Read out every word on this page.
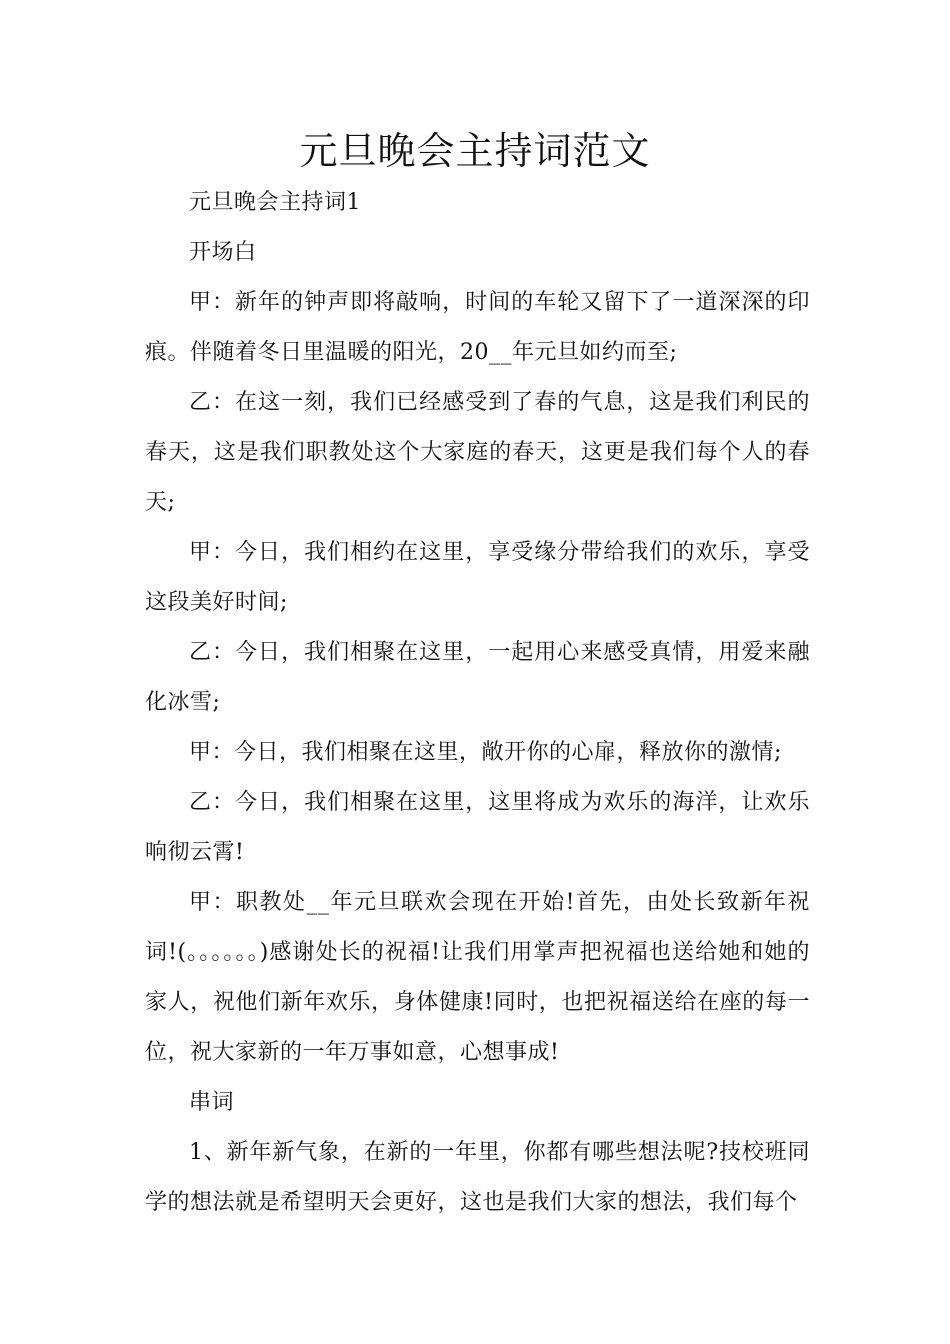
元旦晚会主持词范文

元旦晚会主持词1

开场白

甲：新年的钟声即将敲响，时间的车轮又留下了一道深深的印痕。伴随着冬日里温暖的阳光，20__年元旦如约而至;

乙：在这一刻，我们已经感受到了春的气息，这是我们利民的春天，这是我们职教处这个大家庭的春天，这更是我们每个人的春天;

甲：今日，我们相约在这里，享受缘分带给我们的欢乐，享受这段美好时间;

乙：今日，我们相聚在这里，一起用心来感受真情，用爱来融化冰雪;

甲：今日，我们相聚在这里，敞开你的心扉，释放你的激情;

乙：今日，我们相聚在这里，这里将成为欢乐的海洋，让欢乐响彻云霄!

甲：职教处__年元旦联欢会现在开始!首先，由处长致新年祝词!(。。。。。。)感谢处长的祝福!让我们用掌声把祝福也送给她和她的家人，祝他们新年欢乐，身体健康!同时，也把祝福送给在座的每一位，祝大家新的一年万事如意，心想事成!

串词

1、新年新气象，在新的一年里，你都有哪些想法呢?技校班同学的想法就是希望明天会更好，这也是我们大家的想法，我们每个
